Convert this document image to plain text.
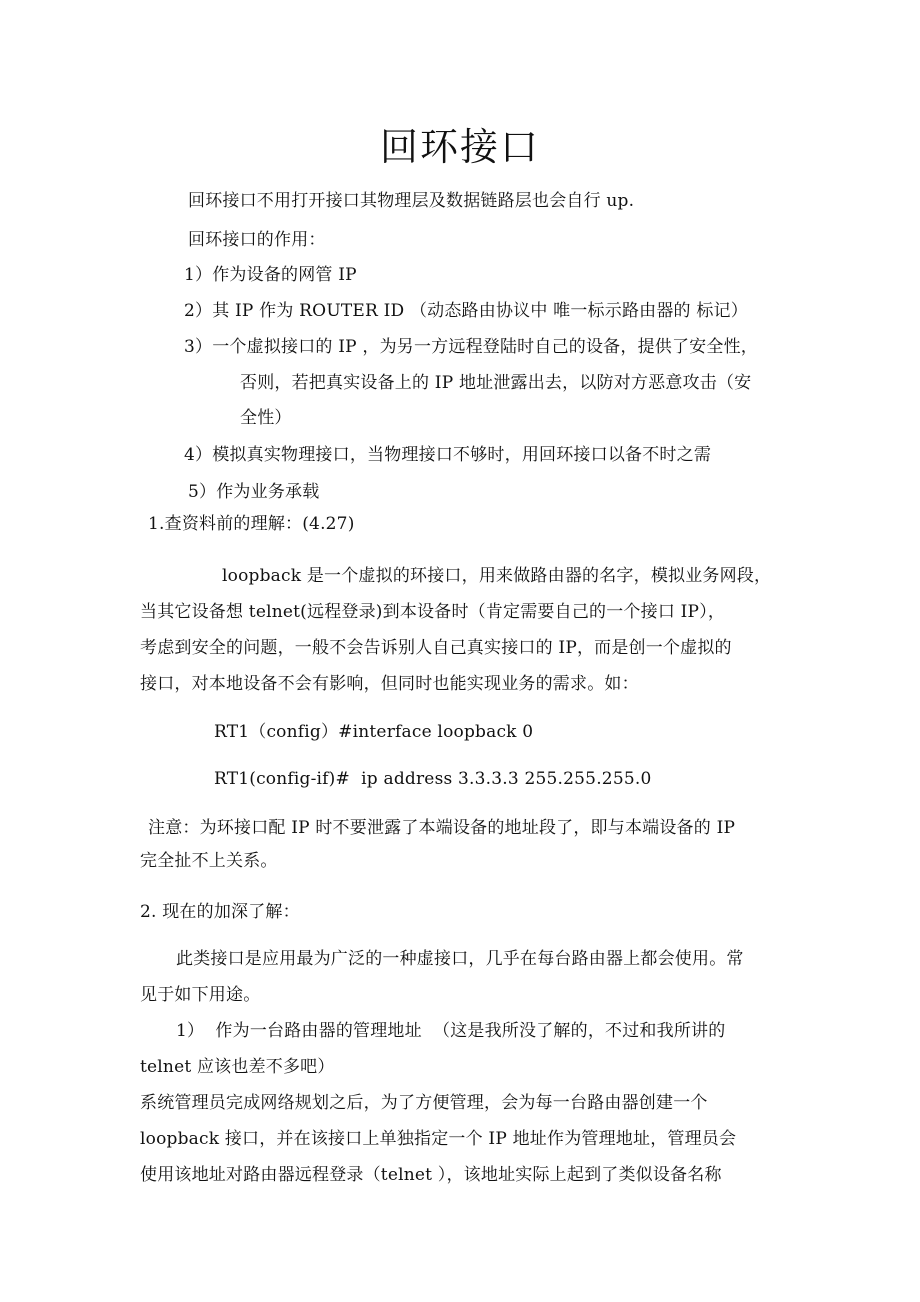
回环接口
回环接口不用打开接口其物理层及数据链路层也会自行 up.
回环接口的作用：
1）作为设备的网管 IP
2）其 IP 作为 ROUTER ID （动态路由协议中 唯一标示路由器的 标记）
3）一个虚拟接口的 IP ，为另一方远程登陆时自己的设备，提供了安全性，
否则，若把真实设备上的 IP 地址泄露出去，以防对方恶意攻击（安
全性）
4）模拟真实物理接口，当物理接口不够时，用回环接口以备不时之需
5）作为业务承载
1.查资料前的理解：(4.27)
loopback 是一个虚拟的环接口，用来做路由器的名字，模拟业务网段，
当其它设备想 telnet(远程登录)到本设备时（肯定需要自己的一个接口 IP），
考虑到安全的问题，一般不会告诉别人自己真实接口的 IP，而是创一个虚拟的
接口，对本地设备不会有影响，但同时也能实现业务的需求。如：
RT1（config）#interface loopback 0
RT1(config-if)#  ip address 3.3.3.3 255.255.255.0
注意：为环接口配 IP 时不要泄露了本端设备的地址段了，即与本端设备的 IP
完全扯不上关系。
2. 现在的加深了解：
此类接口是应用最为广泛的一种虚接口，几乎在每台路由器上都会使用。常
见于如下用途。
1）  作为一台路由器的管理地址  （这是我所没了解的，不过和我所讲的
telnet 应该也差不多吧）
系统管理员完成网络规划之后，为了方便管理，会为每一台路由器创建一个
loopback 接口，并在该接口上单独指定一个 IP 地址作为管理地址，管理员会
使用该地址对路由器远程登录（telnet ），该地址实际上起到了类似设备名称
